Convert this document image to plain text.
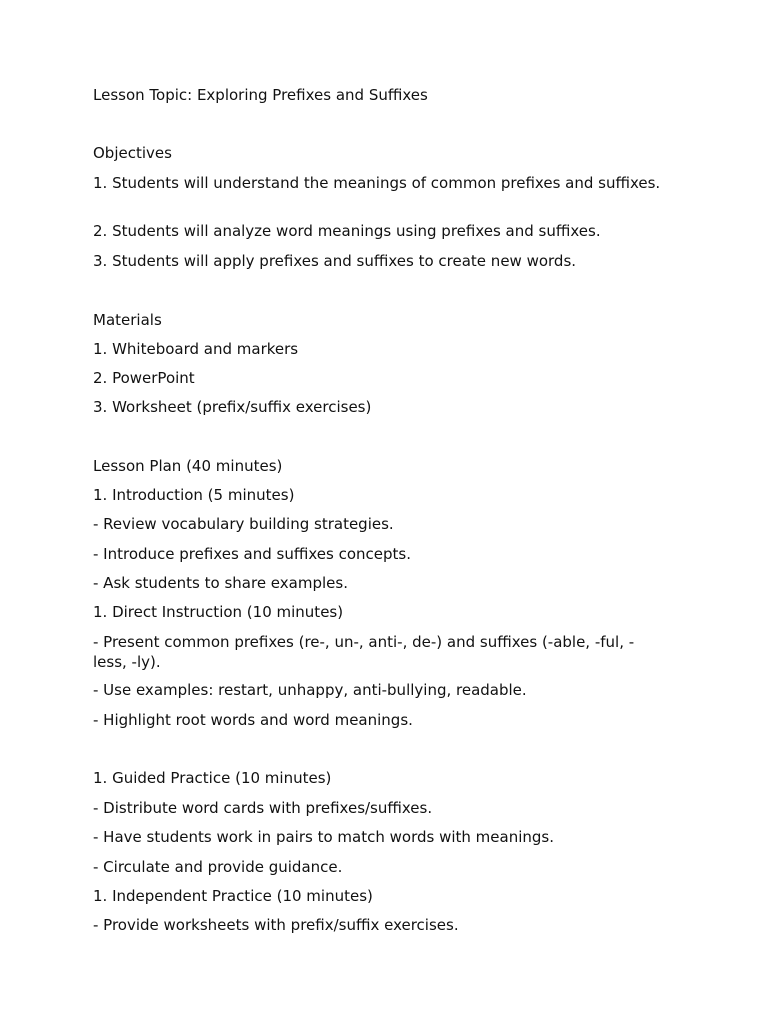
Lesson Topic: Exploring Prefixes and Suffixes
Objectives
1. Students will understand the meanings of common prefixes and suffixes.
2. Students will analyze word meanings using prefixes and suffixes.
3. Students will apply prefixes and suffixes to create new words.
Materials
1. Whiteboard and markers
2. PowerPoint
3. Worksheet (prefix/suffix exercises)
Lesson Plan (40 minutes)
1. Introduction (5 minutes)
- Review vocabulary building strategies.
- Introduce prefixes and suffixes concepts.
- Ask students to share examples.
1. Direct Instruction (10 minutes)
- Present common prefixes (re-, un-, anti-, de-) and suffixes (-able, -ful, -less, -ly).
- Use examples: restart, unhappy, anti-bullying, readable.
- Highlight root words and word meanings.
1. Guided Practice (10 minutes)
- Distribute word cards with prefixes/suffixes.
- Have students work in pairs to match words with meanings.
- Circulate and provide guidance.
1. Independent Practice (10 minutes)
- Provide worksheets with prefix/suffix exercises.
